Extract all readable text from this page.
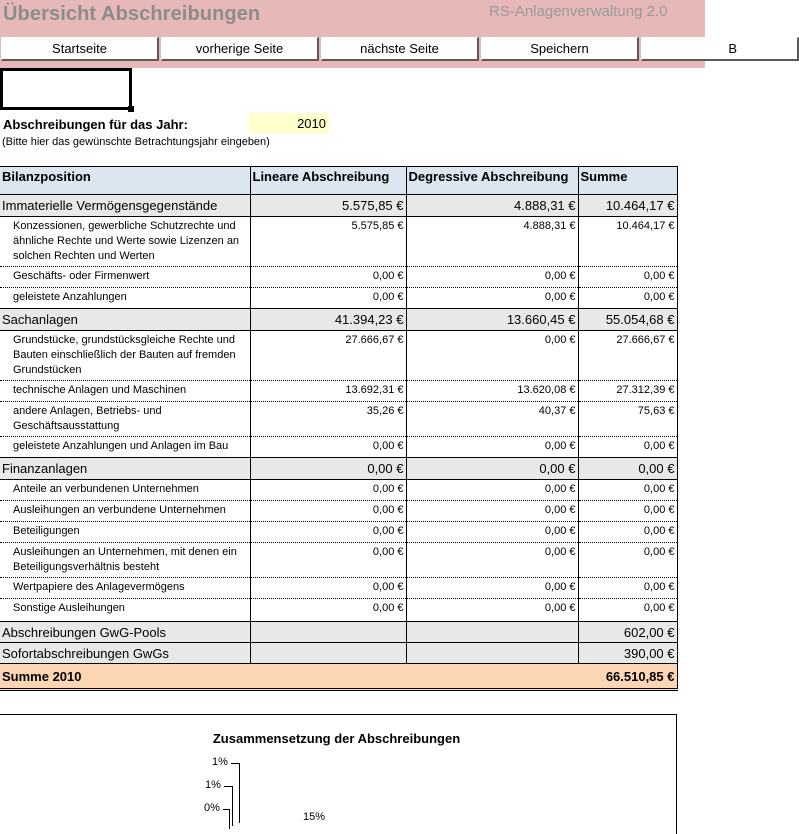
Übersicht Abschreibungen	RS-Anlagenverwaltung 2.0
Startseite	vorherige Seite	nächste Seite	Speichern	B
Abschreibungen für das Jahr:
2010
(Bitte hier das gewünschte Betrachtungsjahr eingeben)
Bilanzposition	Lineare Abschreibung	Degressive Abschreibung	Summe
Immaterielle Vermögensgegenstände	5.575,85 €	4.888,31 €	10.464,17 €
Konzessionen, gewerbliche Schutzrechte und ähnliche Rechte und Werte sowie Lizenzen an solchen Rechten und Werten	5.575,85 €	4.888,31 €	10.464,17 €
Geschäfts- oder Firmenwert	0,00 €	0,00 €	0,00 €
geleistete Anzahlungen	0,00 €	0,00 €	0,00 €
Sachanlagen	41.394,23 €	13.660,45 €	55.054,68 €
Grundstücke, grundstücksgleiche Rechte und Bauten einschließlich der Bauten auf fremden Grundstücken	27.666,67 €	0,00 €	27.666,67 €
technische Anlagen und Maschinen	13.692,31 €	13.620,08 €	27.312,39 €
andere Anlagen, Betriebs- und Geschäftsausstattung	35,26 €	40,37 €	75,63 €
geleistete Anzahlungen und Anlagen im Bau	0,00 €	0,00 €	0,00 €
Finanzanlagen	0,00 €	0,00 €	0,00 €
Anteile an verbundenen Unternehmen	0,00 €	0,00 €	0,00 €
Ausleihungen an verbundene Unternehmen	0,00 €	0,00 €	0,00 €
Beteiligungen	0,00 €	0,00 €	0,00 €
Ausleihungen an Unternehmen, mit denen ein Beteiligungsverhältnis besteht	0,00 €	0,00 €	0,00 €
Wertpapiere des Anlagevermögens	0,00 €	0,00 €	0,00 €
Sonstige Ausleihungen	0,00 €	0,00 €	0,00 €
Abschreibungen GwG-Pools			602,00 €
Sofortabschreibungen GwGs			390,00 €
Summe 2010			66.510,85 €
Zusammensetzung der Abschreibungen
1%
1%
0%
15%
